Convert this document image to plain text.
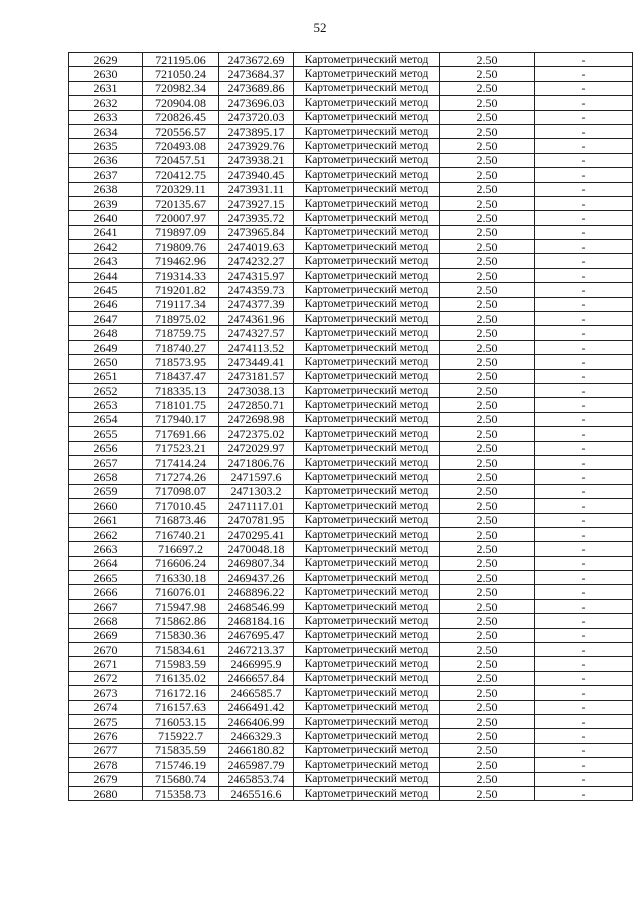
52
2629	721195.06	2473672.69	Картометрический метод	2.50	-
2630	721050.24	2473684.37	Картометрический метод	2.50	-
2631	720982.34	2473689.86	Картометрический метод	2.50	-
2632	720904.08	2473696.03	Картометрический метод	2.50	-
2633	720826.45	2473720.03	Картометрический метод	2.50	-
2634	720556.57	2473895.17	Картометрический метод	2.50	-
2635	720493.08	2473929.76	Картометрический метод	2.50	-
2636	720457.51	2473938.21	Картометрический метод	2.50	-
2637	720412.75	2473940.45	Картометрический метод	2.50	-
2638	720329.11	2473931.11	Картометрический метод	2.50	-
2639	720135.67	2473927.15	Картометрический метод	2.50	-
2640	720007.97	2473935.72	Картометрический метод	2.50	-
2641	719897.09	2473965.84	Картометрический метод	2.50	-
2642	719809.76	2474019.63	Картометрический метод	2.50	-
2643	719462.96	2474232.27	Картометрический метод	2.50	-
2644	719314.33	2474315.97	Картометрический метод	2.50	-
2645	719201.82	2474359.73	Картометрический метод	2.50	-
2646	719117.34	2474377.39	Картометрический метод	2.50	-
2647	718975.02	2474361.96	Картометрический метод	2.50	-
2648	718759.75	2474327.57	Картометрический метод	2.50	-
2649	718740.27	2474113.52	Картометрический метод	2.50	-
2650	718573.95	2473449.41	Картометрический метод	2.50	-
2651	718437.47	2473181.57	Картометрический метод	2.50	-
2652	718335.13	2473038.13	Картометрический метод	2.50	-
2653	718101.75	2472850.71	Картометрический метод	2.50	-
2654	717940.17	2472698.98	Картометрический метод	2.50	-
2655	717691.66	2472375.02	Картометрический метод	2.50	-
2656	717523.21	2472029.97	Картометрический метод	2.50	-
2657	717414.24	2471806.76	Картометрический метод	2.50	-
2658	717274.26	2471597.6	Картометрический метод	2.50	-
2659	717098.07	2471303.2	Картометрический метод	2.50	-
2660	717010.45	2471117.01	Картометрический метод	2.50	-
2661	716873.46	2470781.95	Картометрический метод	2.50	-
2662	716740.21	2470295.41	Картометрический метод	2.50	-
2663	716697.2	2470048.18	Картометрический метод	2.50	-
2664	716606.24	2469807.34	Картометрический метод	2.50	-
2665	716330.18	2469437.26	Картометрический метод	2.50	-
2666	716076.01	2468896.22	Картометрический метод	2.50	-
2667	715947.98	2468546.99	Картометрический метод	2.50	-
2668	715862.86	2468184.16	Картометрический метод	2.50	-
2669	715830.36	2467695.47	Картометрический метод	2.50	-
2670	715834.61	2467213.37	Картометрический метод	2.50	-
2671	715983.59	2466995.9	Картометрический метод	2.50	-
2672	716135.02	2466657.84	Картометрический метод	2.50	-
2673	716172.16	2466585.7	Картометрический метод	2.50	-
2674	716157.63	2466491.42	Картометрический метод	2.50	-
2675	716053.15	2466406.99	Картометрический метод	2.50	-
2676	715922.7	2466329.3	Картометрический метод	2.50	-
2677	715835.59	2466180.82	Картометрический метод	2.50	-
2678	715746.19	2465987.79	Картометрический метод	2.50	-
2679	715680.74	2465853.74	Картометрический метод	2.50	-
2680	715358.73	2465516.6	Картометрический метод	2.50	-
